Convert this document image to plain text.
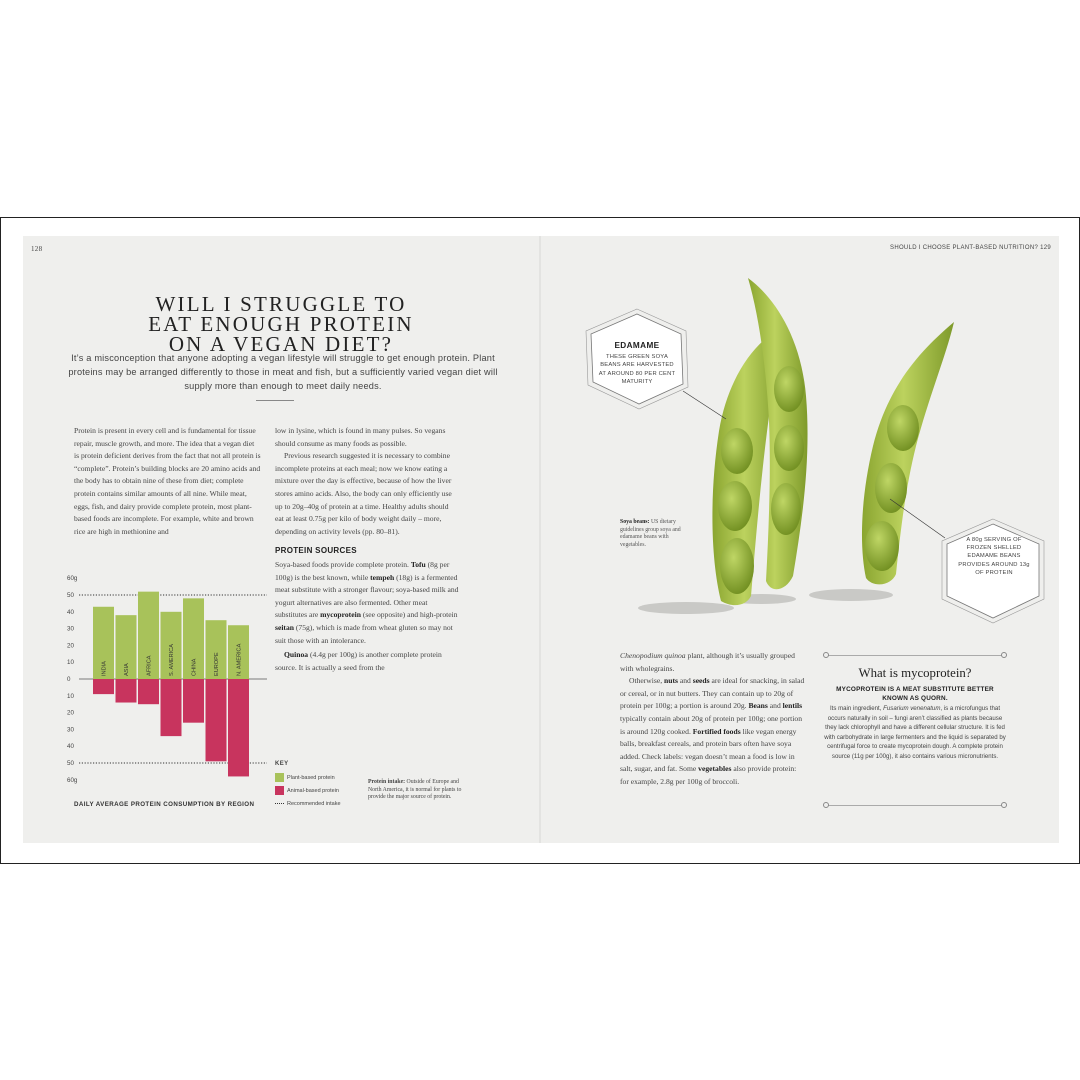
128
WILL I STRUGGLE TO
EAT ENOUGH PROTEIN
ON A VEGAN DIET?
It’s a misconception that anyone adopting a vegan lifestyle will struggle to get enough protein. Plant proteins may be arranged differently to those in meat and fish, but a sufficiently varied vegan diet will supply more than enough to meet daily needs.

Protein is present in every cell and is fundamental for tissue repair, muscle growth, and more. The idea that a vegan diet is protein deficient derives from the fact that not all protein is “complete”. Protein’s building blocks are 20 amino acids and the body has to obtain nine of these from diet; complete protein contains similar amounts of all nine. While meat, eggs, fish, and dairy provide complete protein, most plant-based foods are incomplete. For example, white and brown rice are high in methionine and

low in lysine, which is found in many pulses. So vegans should consume as many foods as possible.

Previous research suggested it is necessary to combine incomplete proteins at each meal; now we know eating a mixture over the day is effective, because of how the liver stores amino acids. Also, the body can only efficiently use up to 20g–40g of protein at a time. Healthy adults should eat at least 0.75g per kilo of body weight daily – more, depending on activity levels (pp. 80–81).

PROTEIN SOURCES

Soya-based foods provide complete protein. Tofu (8g per 100g) is the best known, while tempeh (18g) is a fermented meat substitute with a stronger flavour; soya-based milk and yogurt alternatives are also fermented. Other meat substitutes are mycoprotein (see opposite) and high-protein seitan (75g), which is made from wheat gluten so may not suit those with an intolerance.

Quinoa (4.4g per 100g) is another complete protein source. It is actually a seed from the

60g
50
40
30
20
10
0
10
20
30
40
50
60g
INDIA	ASIA	AFRICA	S. AMERICA	CHINA	EUROPE	N. AMERICA
DAILY AVERAGE PROTEIN CONSUMPTION BY REGION
KEY
Plant-based protein
Animal-based protein
Recommended intake
Protein intake: Outside of Europe and North America, it is normal for plants to provide the major source of protein.
SHOULD I CHOOSE PLANT-BASED NUTRITION? 129
EDAMAME
THESE GREEN SOYA BEANS ARE HARVESTED AT AROUND 80 PER CENT MATURITY
A 80g SERVING OF FROZEN SHELLED EDAMAME BEANS PROVIDES AROUND 13g OF PROTEIN
Soya beans: US dietary guidelines group soya and edamame beans with vegetables.

Chenopodium quinoa plant, although it’s usually grouped with wholegrains.

Otherwise, nuts and seeds are ideal for snacking, in salad or cereal, or in nut butters. They can contain up to 20g of protein per 100g; a portion is around 20g. Beans and lentils typically contain about 20g of protein per 100g; one portion is around 120g cooked. Fortified foods like vegan energy balls, breakfast cereals, and protein bars often have soya added. Check labels: vegan doesn’t mean a food is low in salt, sugar, and fat. Some vegetables also provide protein: for example, 2.8g per 100g of broccoli.

What is mycoprotein?
MYCOPROTEIN IS A MEAT SUBSTITUTE BETTER KNOWN AS QUORN.
Its main ingredient, Fusarium venenatum, is a microfungus that occurs naturally in soil – fungi aren’t classified as plants because they lack chlorophyll and have a different cellular structure. It is fed with carbohydrate in large fermenters and the liquid is separated by centrifugal force to create mycoprotein dough. A complete protein source (11g per 100g), it also contains various micronutrients.
